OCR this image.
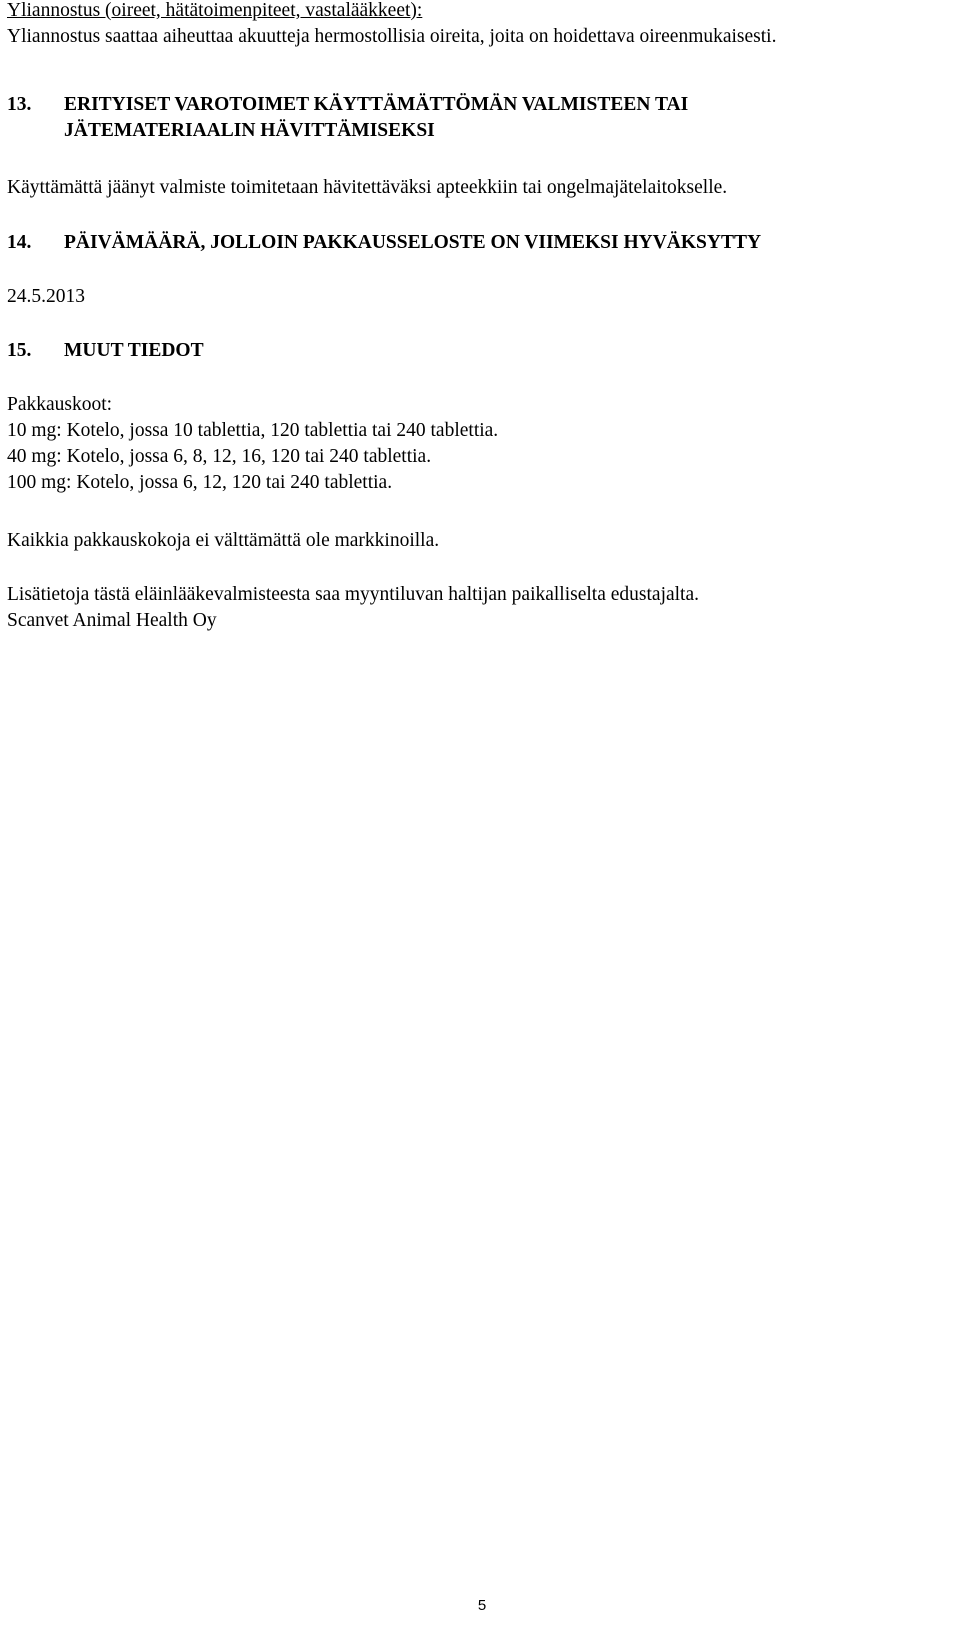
Yliannostus (oireet, hätätoimenpiteet, vastalääkkeet):
Yliannostus saattaa aiheuttaa akuutteja hermostollisia oireita, joita on hoidettava oireenmukaisesti.
13.	ERITYISET VAROTOIMET KÄYTTÄMÄTTÖMÄN VALMISTEEN TAI
JÄTEMATERIAALIN HÄVITTÄMISEKSI
Käyttämättä jäänyt valmiste toimitetaan hävitettäväksi apteekkiin tai ongelmajätelaitokselle.
14.	PÄIVÄMÄÄRÄ, JOLLOIN PAKKAUSSELOSTE ON VIIMEKSI HYVÄKSYTTY
24.5.2013
15.	MUUT TIEDOT
Pakkauskoot:
10 mg: Kotelo, jossa 10 tablettia, 120 tablettia tai 240 tablettia.
40 mg: Kotelo, jossa 6, 8, 12, 16, 120 tai 240 tablettia.
100 mg: Kotelo, jossa 6, 12, 120 tai 240 tablettia.
Kaikkia pakkauskokoja ei välttämättä ole markkinoilla.
Lisätietoja tästä eläinlääkevalmisteesta saa myyntiluvan haltijan paikalliselta edustajalta.
Scanvet Animal Health Oy
5
